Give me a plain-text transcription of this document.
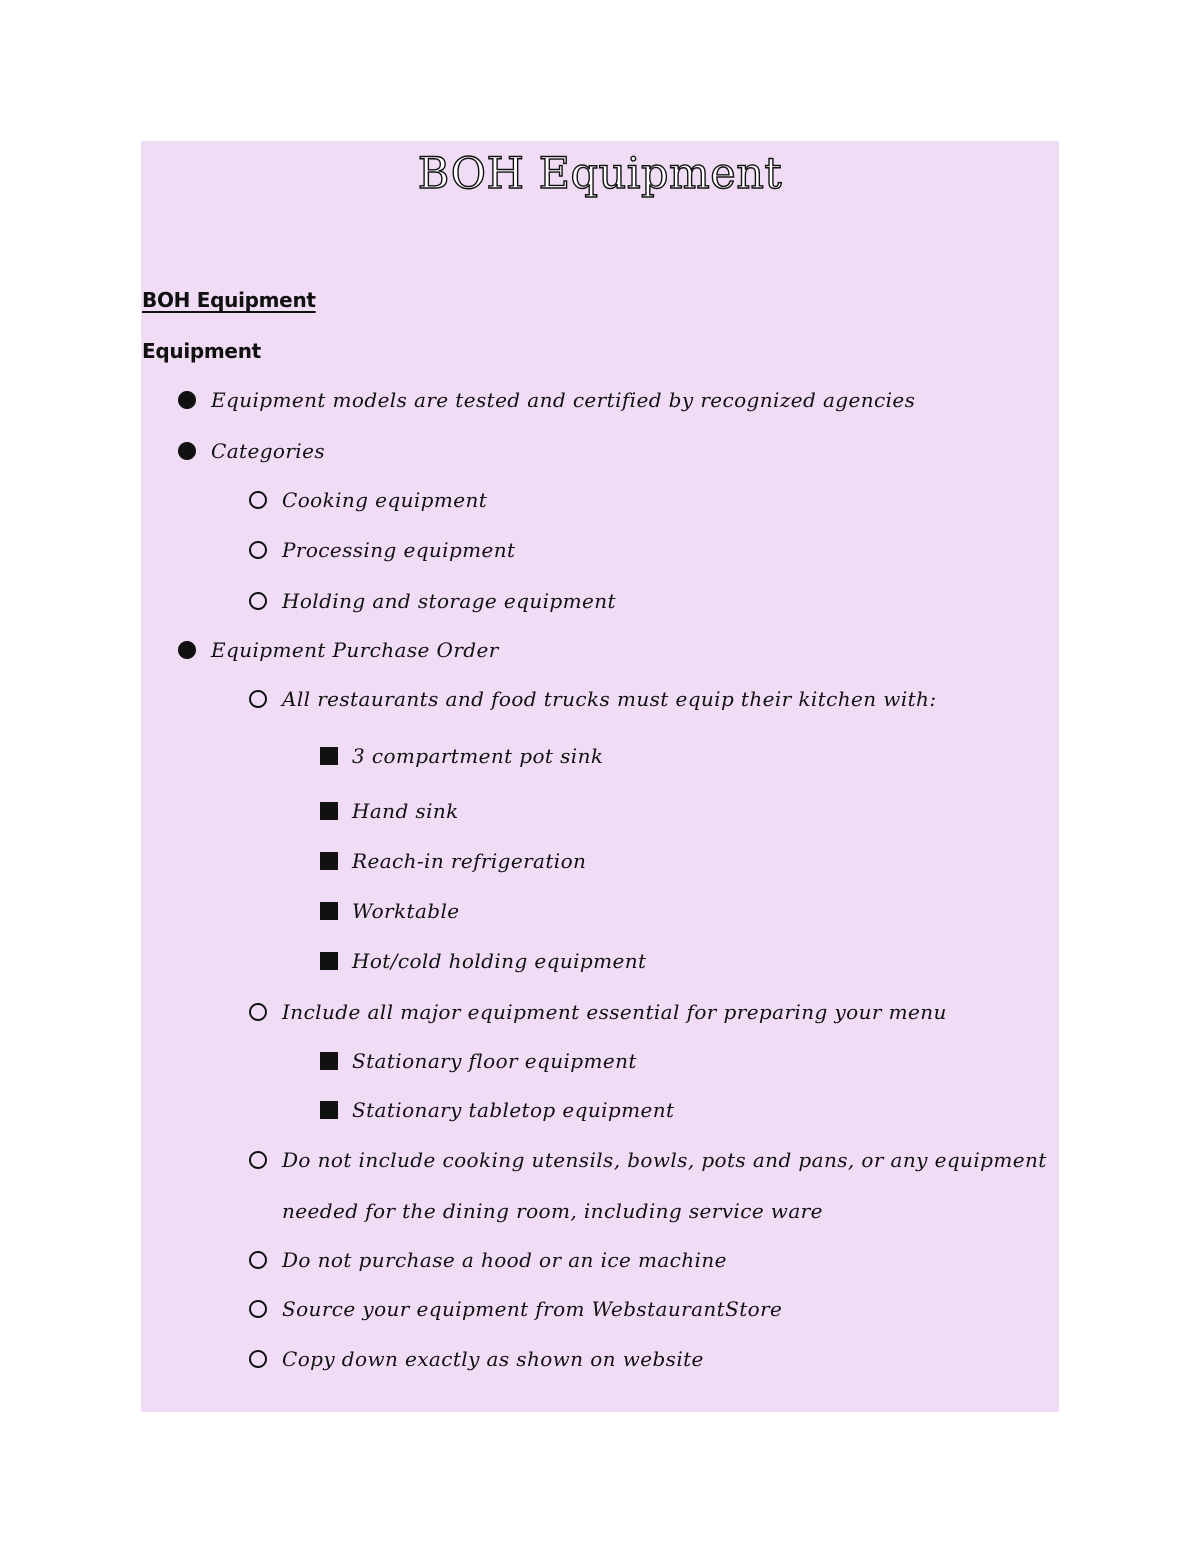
BOH Equipment
BOH Equipment
Equipment
Equipment models are tested and certified by recognized agencies
Categories
Cooking equipment
Processing equipment
Holding and storage equipment
Equipment Purchase Order
All restaurants and food trucks must equip their kitchen with:
3 compartment pot sink
Hand sink
Reach-in refrigeration
Worktable
Hot/cold holding equipment
Include all major equipment essential for preparing your menu
Stationary floor equipment
Stationary tabletop equipment
Do not include cooking utensils, bowls, pots and pans, or any equipment
needed for the dining room, including service ware
Do not purchase a hood or an ice machine
Source your equipment from WebstaurantStore
Copy down exactly as shown on website
